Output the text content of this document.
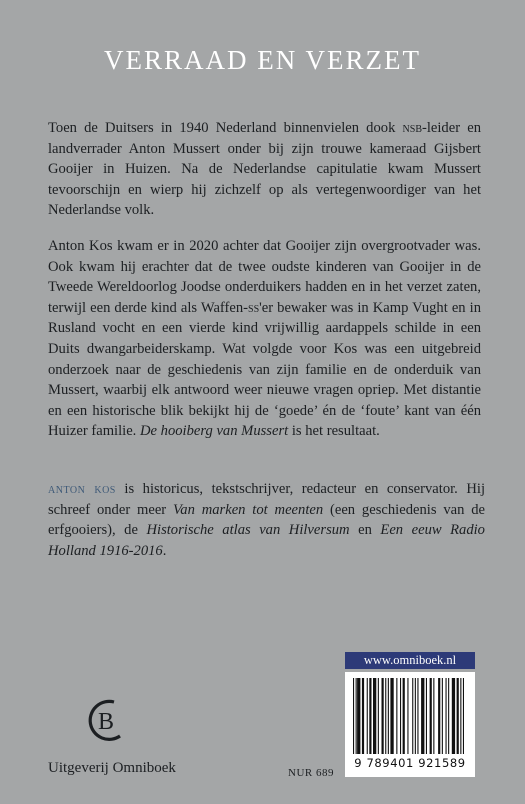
VERRAAD EN VERZET
Toen de Duitsers in 1940 Nederland binnenvielen dook nsb-leider en landverrader Anton Mussert onder bij zijn trouwe kameraad Gijsbert Gooijer in Huizen. Na de Nederlandse capitulatie kwam Mussert tevoorschijn en wierp hij zichzelf op als vertegenwoordiger van het Nederlandse volk.
Anton Kos kwam er in 2020 achter dat Gooijer zijn overgrootvader was. Ook kwam hij erachter dat de twee oudste kinderen van Gooijer in de Tweede Wereldoorlog Joodse onderduikers hadden en in het verzet zaten, terwijl een derde kind als Waffen-ss'er bewaker was in Kamp Vught en in Rusland vocht en een vierde kind vrijwillig aardappels schilde in een Duits dwangarbeiderskamp. Wat volgde voor Kos was een uitgebreid onderzoek naar de geschiedenis van zijn familie en de onderduik van Mussert, waarbij elk antwoord weer nieuwe vragen opriep. Met distantie en een historische blik bekijkt hij de ‘goede’ én de ‘foute’ kant van één Huizer familie. De hooiberg van Mussert is het resultaat.
anton kos is historicus, tekstschrijver, redacteur en conservator. Hij schreef onder meer Van marken tot meenten (een geschiedenis van de erfgooiers), de Historische atlas van Hilversum en Een eeuw Radio Holland 1916-2016.
B
Uitgeverij Omniboek	NUR 689
www.omniboek.nl
9 789401 921589
